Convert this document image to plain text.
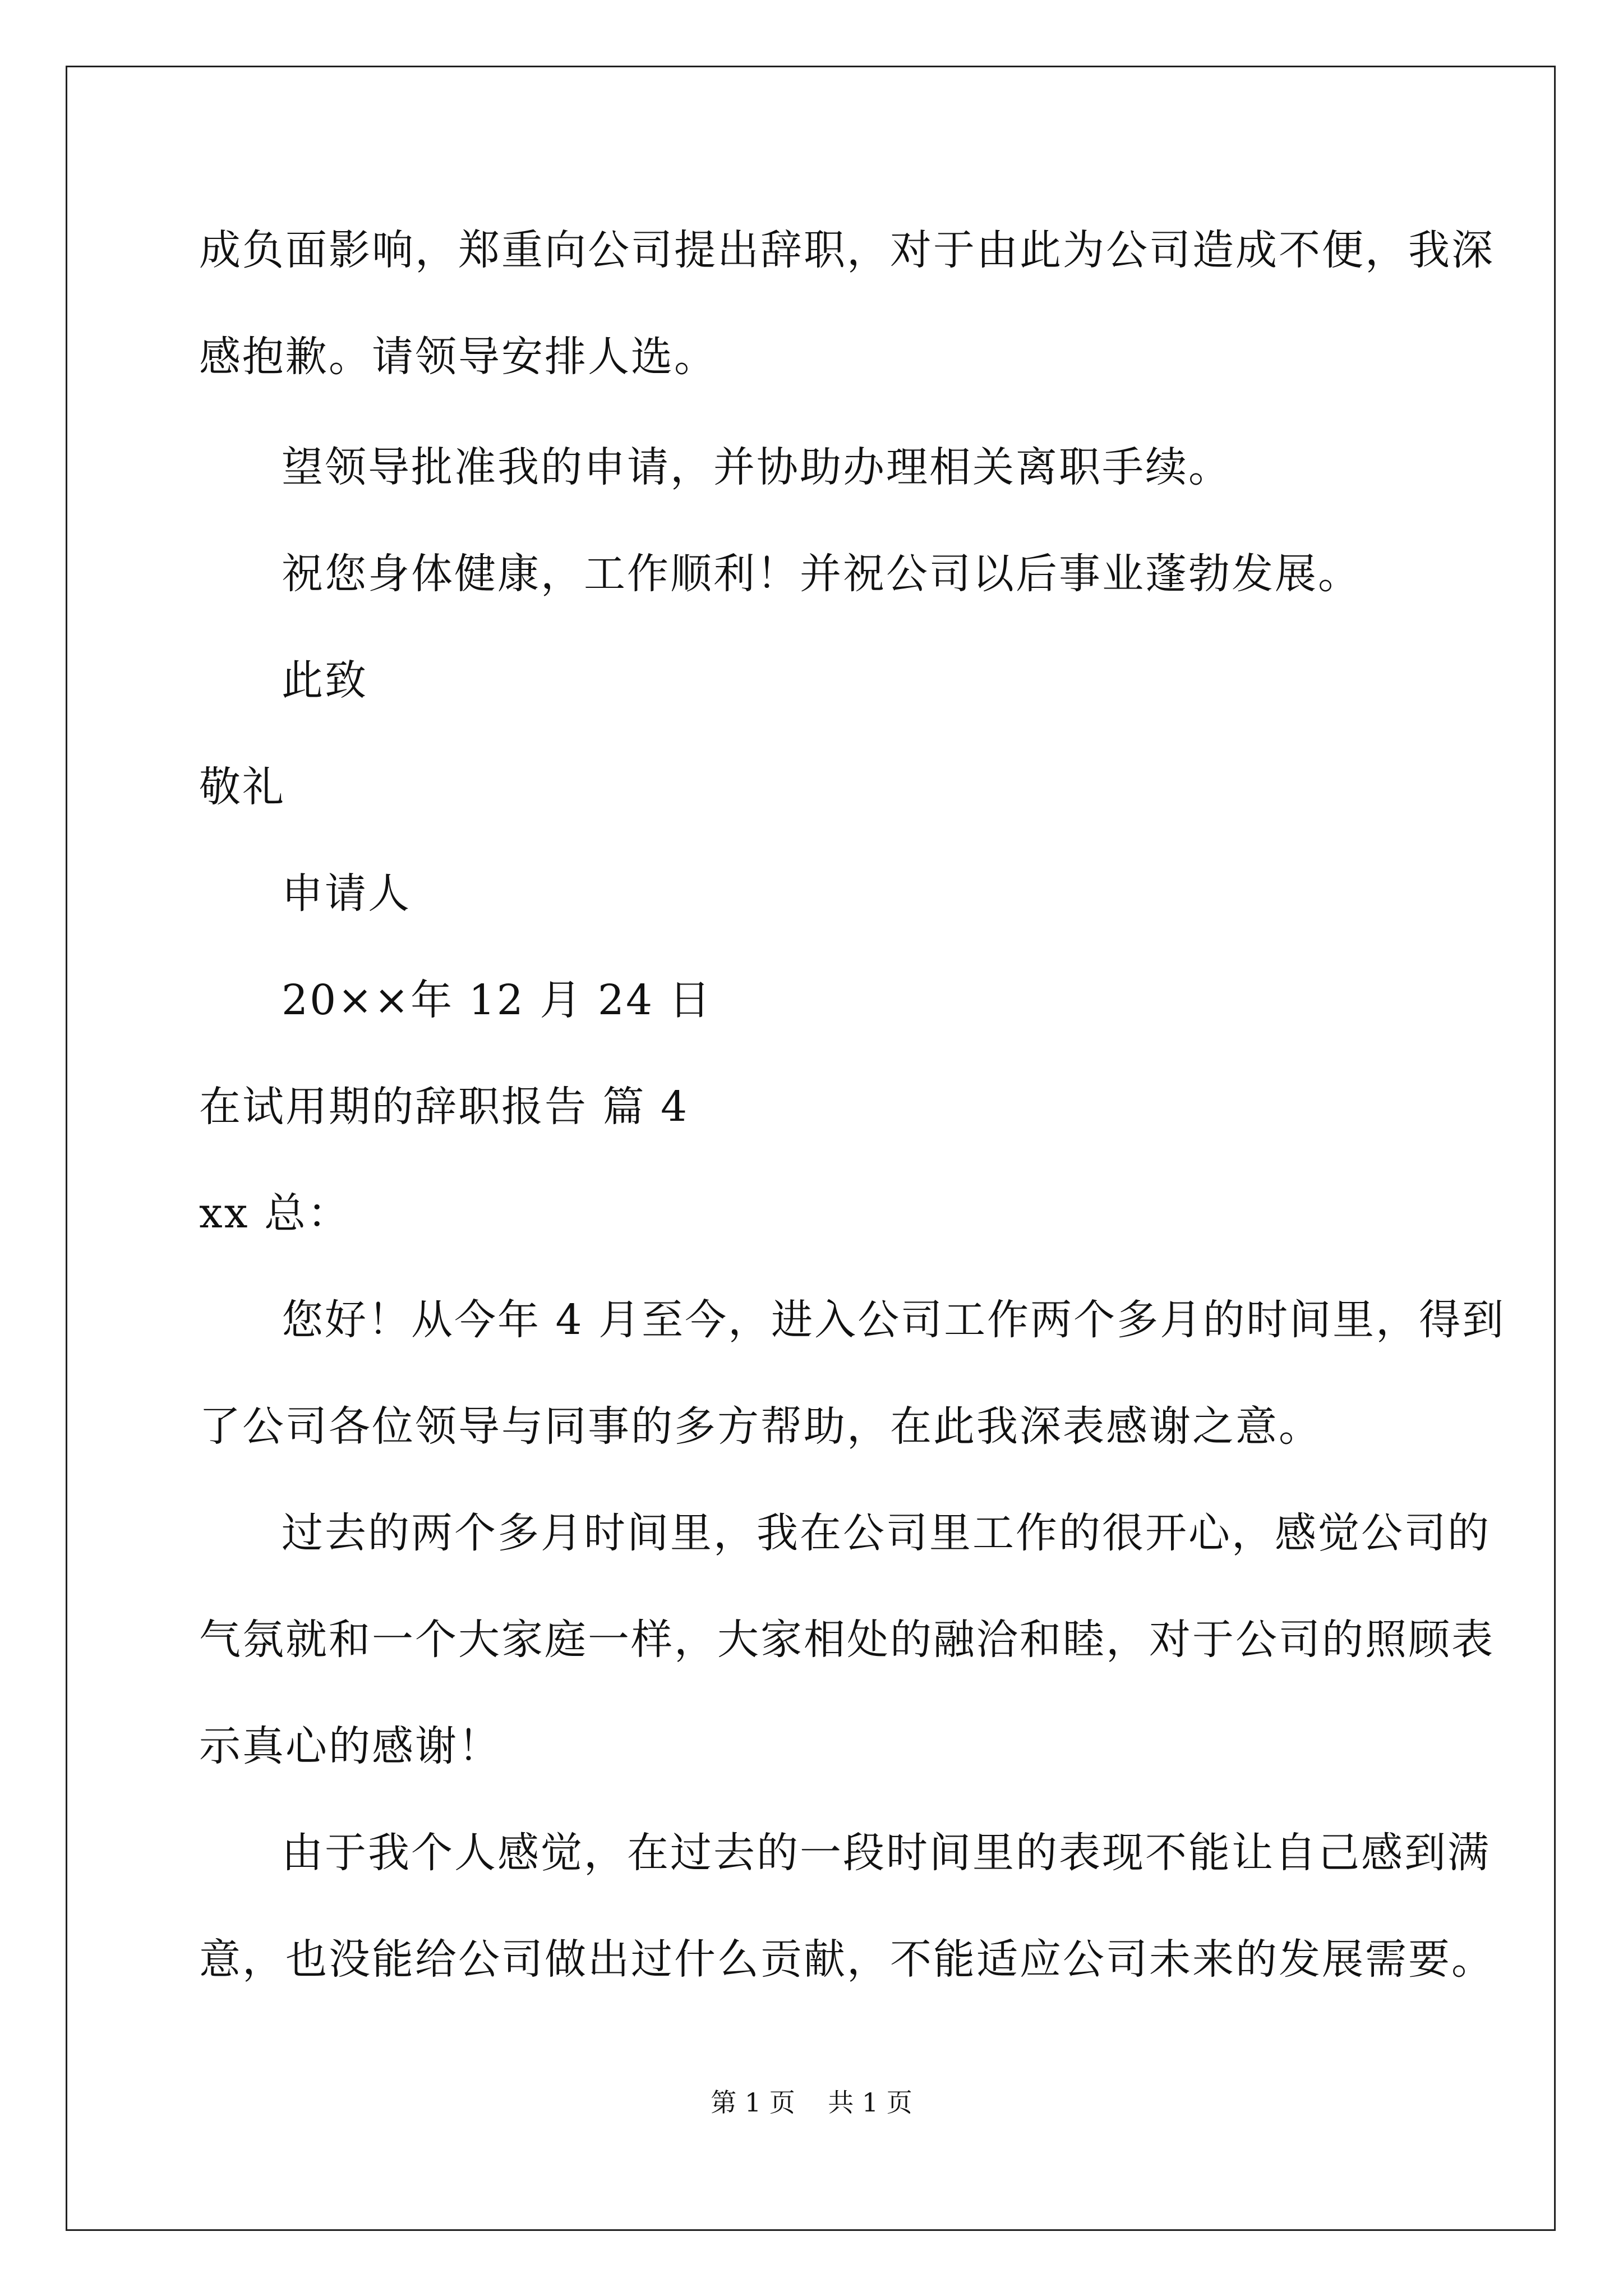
成负面影响，郑重向公司提出辞职，对于由此为公司造成不便，我深
感抱歉。请领导安排人选。
望领导批准我的申请，并协助办理相关离职手续。
祝您身体健康，工作顺利！并祝公司以后事业蓬勃发展。
此致
敬礼
申请人
20××年 12 月 24 日
在试用期的辞职报告 篇 4
xx 总：
您好！从今年 4 月至今，进入公司工作两个多月的时间里，得到
了公司各位领导与同事的多方帮助，在此我深表感谢之意。
过去的两个多月时间里，我在公司里工作的很开心，感觉公司的
气氛就和一个大家庭一样，大家相处的融洽和睦，对于公司的照顾表
示真心的感谢！
由于我个人感觉，在过去的一段时间里的表现不能让自己感到满
意，也没能给公司做出过什么贡献，不能适应公司未来的发展需要。
第 1 页    共 1 页
